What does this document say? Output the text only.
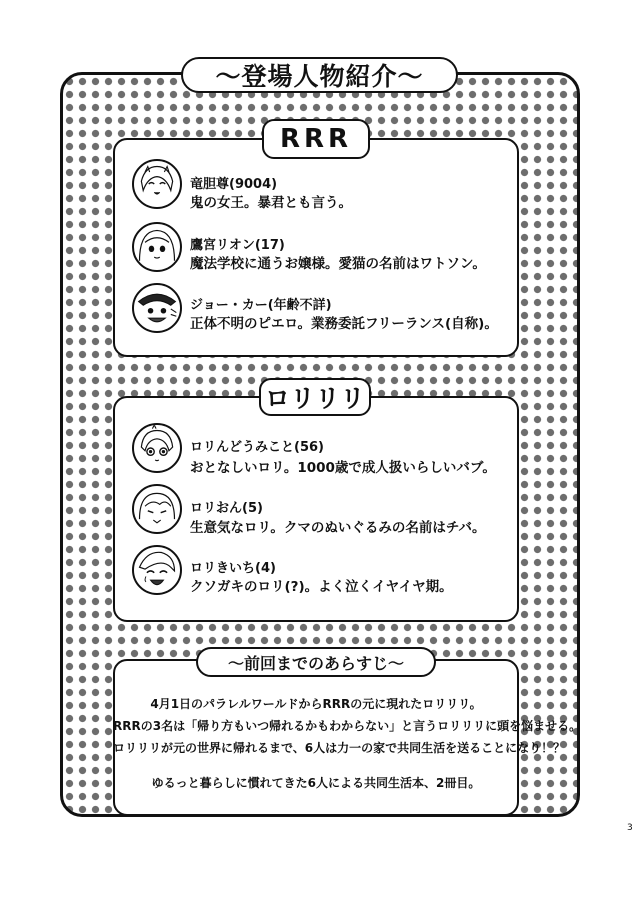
～登場人物紹介～
RRR
竜胆尊(9004)
鬼の女王。暴君とも言う。
鷹宮リオン(17)
魔法学校に通うお嬢様。愛猫の名前はワトソン。
ジョー・カー(年齢不詳)
正体不明のピエロ。業務委託フリーランス(自称)。
ロリリリ
ロリんどうみこと(56)
おとなしいロリ。1000歳で成人扱いらしいバブ。
ロリおん(5)
生意気なロリ。クマのぬいぐるみの名前はチバ。
ロリきいち(4)
クソガキのロリ(?)。よく泣くイヤイヤ期。
～前回までのあらすじ～
4月1日のパラレルワールドからRRRの元に現れたロリリリ。
RRRの3名は「帰り方もいつ帰れるかもわからない」と言うロリリリに頭を悩ませる。
ロリリリが元の世界に帰れるまで、6人は力一の家で共同生活を送ることになり！？
ゆるっと暮らしに慣れてきた6人による共同生活本、2冊目。
3
